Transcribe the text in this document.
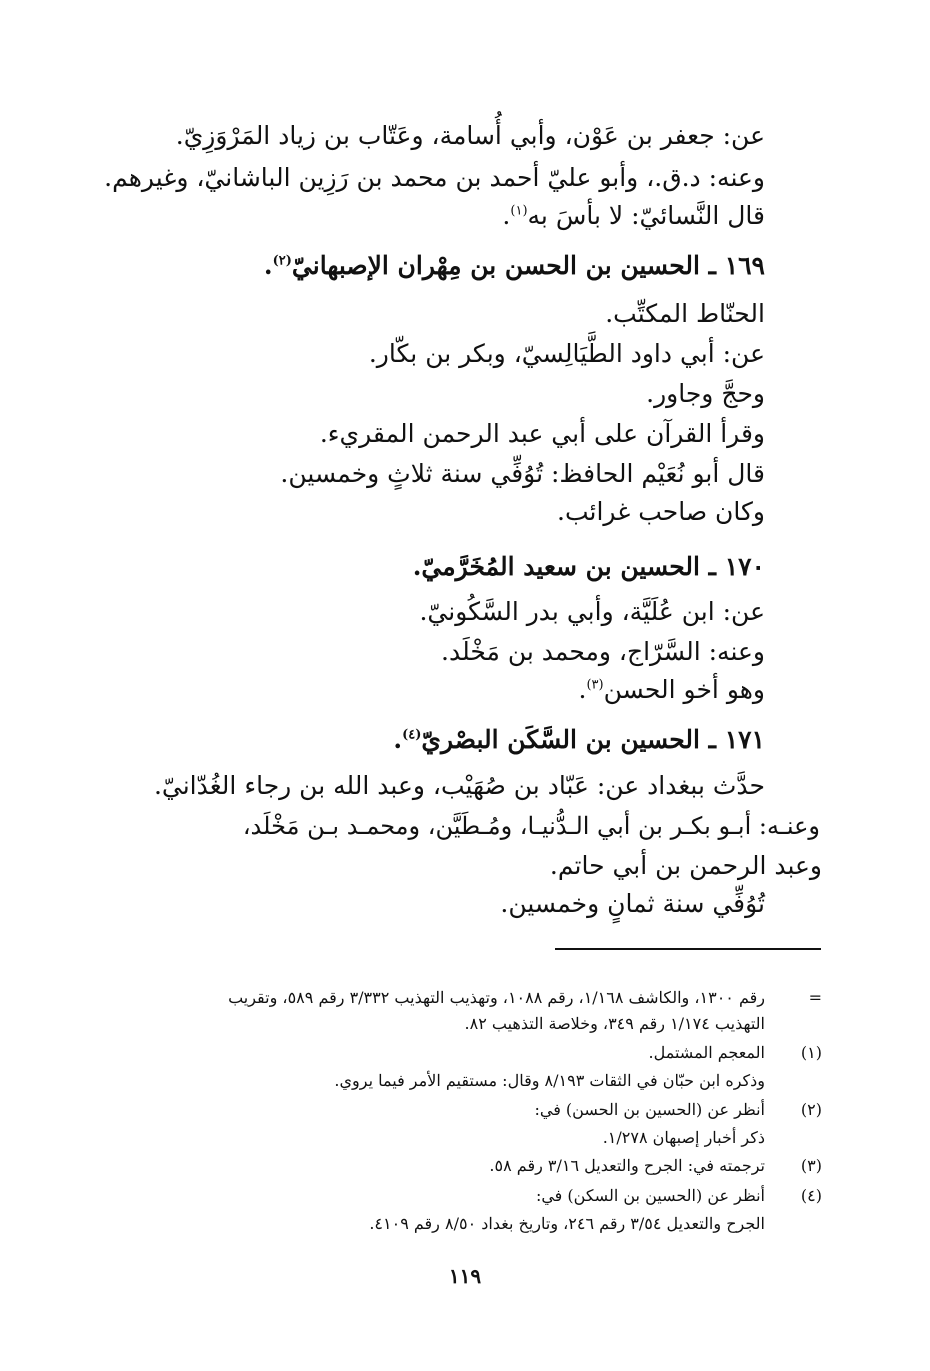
عن: جعفر بن عَوْن، وأبي أُسامة، وعَتّاب بن زياد المَرْوَزِيّ.
وعنه: د.ق.، وأبو عليّ أحمد بن محمد بن رَزِين الباشانيّ، وغيرهم.
قال النَّسائيّ: لا بأسَ به$^{(١)}$.
١٦٩ ـ الحسين بن الحسن بن مِهْران الإصبهانيّ$^{(٢)}$.
الحنّاط المكتِّب.
عن: أبي داود الطَّيَالِسيّ، وبكر بن بكّار.
وحجَّ وجاور.
وقرأ القرآن على أبي عبد الرحمن المقريء.
قال أبو نُعَيْم الحافظ: تُوُفِّي سنة ثلاثٍ وخمسين.
وكان صاحب غرائب.
١٧٠ ـ الحسين بن سعيد المُخَرَّميّ.
عن: ابن عُلَيَّة، وأبي بدر السَّكُونيّ.
وعنه: السَّرّاج، ومحمد بن مَخْلَد.
وهو أخو الحسن$^{(٣)}$.
١٧١ ـ الحسين بن السَّكَن البصْريّ$^{(٤)}$.
حدَّث ببغداد عن: عَبّاد بن صُهَيْب، وعبد الله بن رجاء الغُدّانيّ.
وعنـه: أبـو بكـر بن أبي الـدُّنيـا، ومُـطَيَّن، ومحمـد بـن مَخْلَد،
وعبد الرحمن بن أبي حاتم.
تُوُفِّي سنة ثمانٍ وخمسين.
=
رقم ١٣٠٠، والكاشف ١/١٦٨، رقم ١٠٨٨، وتهذيب التهذيب ٣/٣٣٢ رقم ٥٨٩، وتقريب
التهذيب ١/١٧٤ رقم ٣٤٩، وخلاصة التذهيب ٨٢.
(١)
المعجم المشتمل.
وذكره ابن حبّان في الثقات ٨/١٩٣ وقال: مستقيم الأمر فيما يروي.
(٢)
أنظر عن (الحسين بن الحسن) في:
ذكر أخبار إصبهان ١/٢٧٨.
(٣)
ترجمته في: الجرح والتعديل ٣/١٦ رقم ٥٨.
(٤)
أنظر عن (الحسين بن السكن) في:
الجرح والتعديل ٣/٥٤ رقم ٢٤٦، وتاريخ بغداد ٨/٥٠ رقم ٤١٠٩.
١١٩
